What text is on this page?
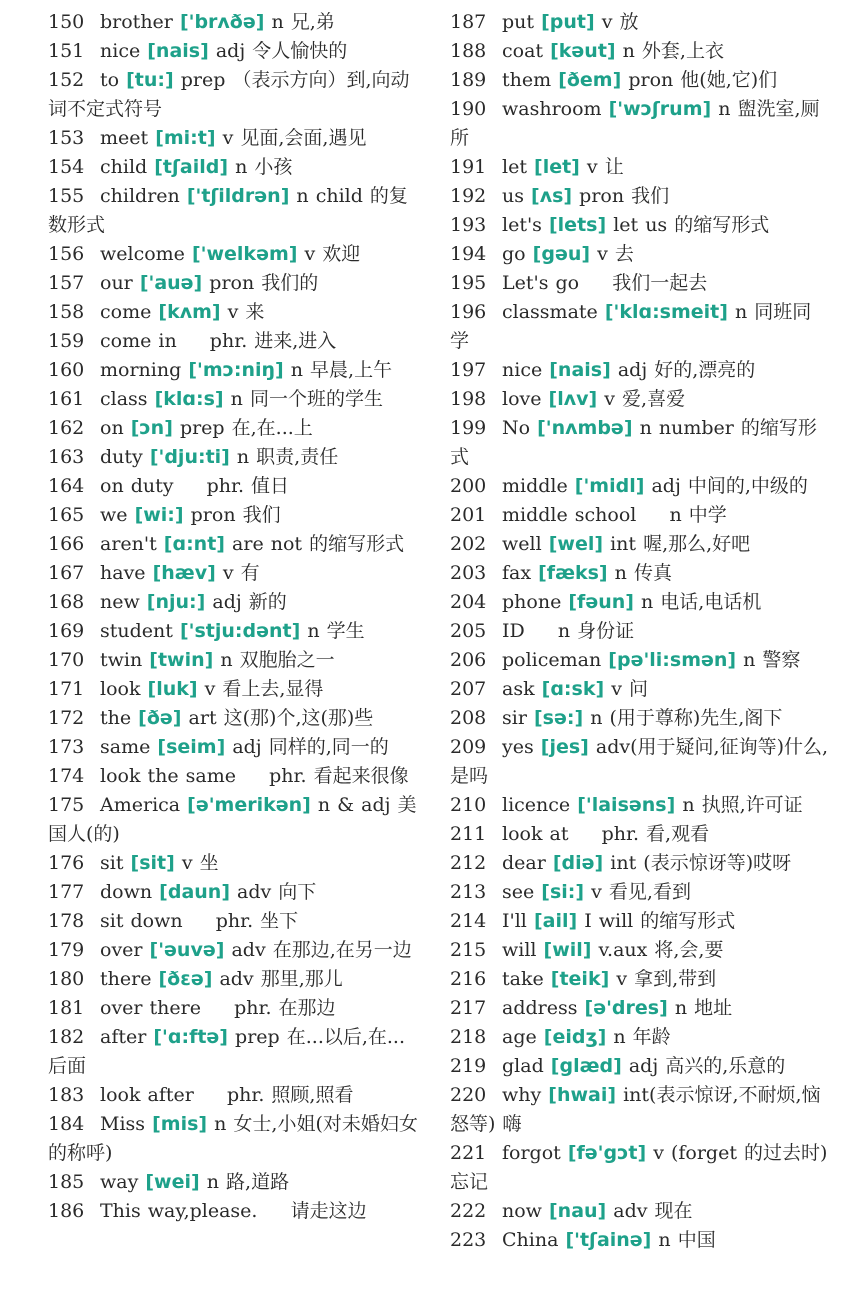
150 brother ['brʌðə] n 兄,弟
151 nice [nais] adj 令人愉快的
152 to [tu:] prep （表示方向）到,向动词不定式符号
153 meet [mi:t] v 见面,会面,遇见
154 child [tʃaild] n 小孩
155 children ['tʃildrən] n child 的复数形式
156 welcome ['welkəm] v 欢迎
157 our ['auə] pron 我们的
158 come [kʌm] v 来
159 come in   phr. 进来,进入
160 morning ['mɔ:niŋ] n 早晨,上午
161 class [klɑ:s] n 同一个班的学生
162 on [ɔn] prep 在,在...上
163 duty ['dju:ti] n 职责,责任
164 on duty   phr. 值日
165 we [wi:] pron 我们
166 aren't [ɑ:nt] are not 的缩写形式
167 have [hæv] v 有
168 new [nju:] adj 新的
169 student ['stju:dənt] n 学生
170 twin [twin] n 双胞胎之一
171 look [luk] v 看上去,显得
172 the [ðə] art 这(那)个,这(那)些
173 same [seim] adj 同样的,同一的
174 look the same   phr. 看起来很像
175 America [ə'merikən] n & adj 美国人(的)
176 sit [sit] v 坐
177 down [daun] adv 向下
178 sit down   phr. 坐下
179 over ['əuvə] adv 在那边,在另一边
180 there [ðɛə] adv 那里,那儿
181 over there   phr. 在那边
182 after ['ɑ:ftə] prep 在...以后,在...后面
183 look after   phr. 照顾,照看
184 Miss [mis] n 女士,小姐(对未婚妇女的称呼)
185 way [wei] n 路,道路
186 This way,please.   请走这边
187 put [put] v 放
188 coat [kəut] n 外套,上衣
189 them [ðem] pron 他(她,它)们
190 washroom ['wɔʃrum] n 盥洗室,厕所
191 let [let] v 让
192 us [ʌs] pron 我们
193 let's [lets] let us 的缩写形式
194 go [gəu] v 去
195 Let's go   我们一起去
196 classmate ['klɑ:smeit] n 同班同学
197 nice [nais] adj 好的,漂亮的
198 love [lʌv] v 爱,喜爱
199 No ['nʌmbə] n number 的缩写形式
200 middle ['midl] adj 中间的,中级的
201 middle school   n 中学
202 well [wel] int 喔,那么,好吧
203 fax [fæks] n 传真
204 phone [fəun] n 电话,电话机
205 ID   n 身份证
206 policeman [pə'li:smən] n 警察
207 ask [ɑ:sk] v 问
208 sir [sə:] n (用于尊称)先生,阁下
209 yes [jes] adv(用于疑问,征询等)什么,是吗
210 licence ['laisəns] n 执照,许可证
211 look at   phr. 看,观看
212 dear [diə] int (表示惊讶等)哎呀
213 see [si:] v 看见,看到
214 I'll [ail] I will 的缩写形式
215 will [wil] v.aux 将,会,要
216 take [teik] v 拿到,带到
217 address [ə'dres] n 地址
218 age [eidʒ] n 年龄
219 glad [glæd] adj 高兴的,乐意的
220 why [hwai] int(表示惊讶,不耐烦,恼怒等) 嗨
221 forgot [fə'gɔt] v (forget 的过去时)忘记
222 now [nau] adv 现在
223 China ['tʃainə] n 中国
